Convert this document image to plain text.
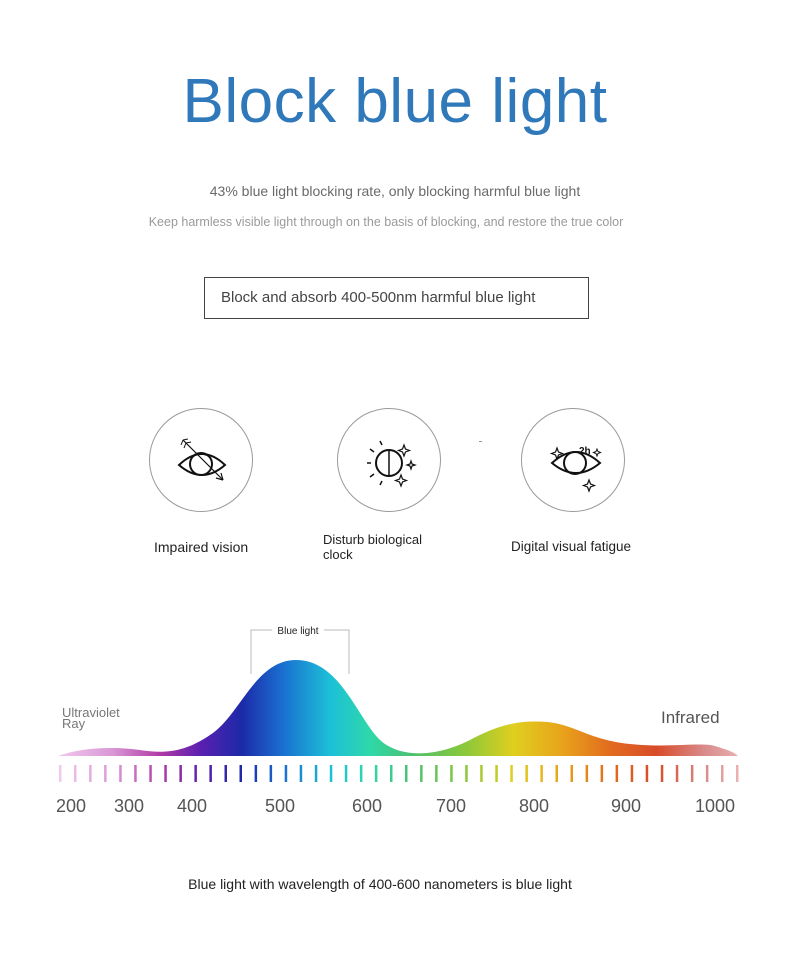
Block blue light
43% blue light blocking rate, only blocking harmful blue light
Keep harmless visible light through on the basis of blocking, and restore the true color
Block and absorb 400-500nm harmful blue light
Impaired vision	Disturb biological
clock
2h
Digital visual fatigue
Blue light
Ultraviolet
Ray	Infrared
200 300 400	500	600	700	800	900	1000
Blue light with wavelength of 400-600 nanometers is blue light
